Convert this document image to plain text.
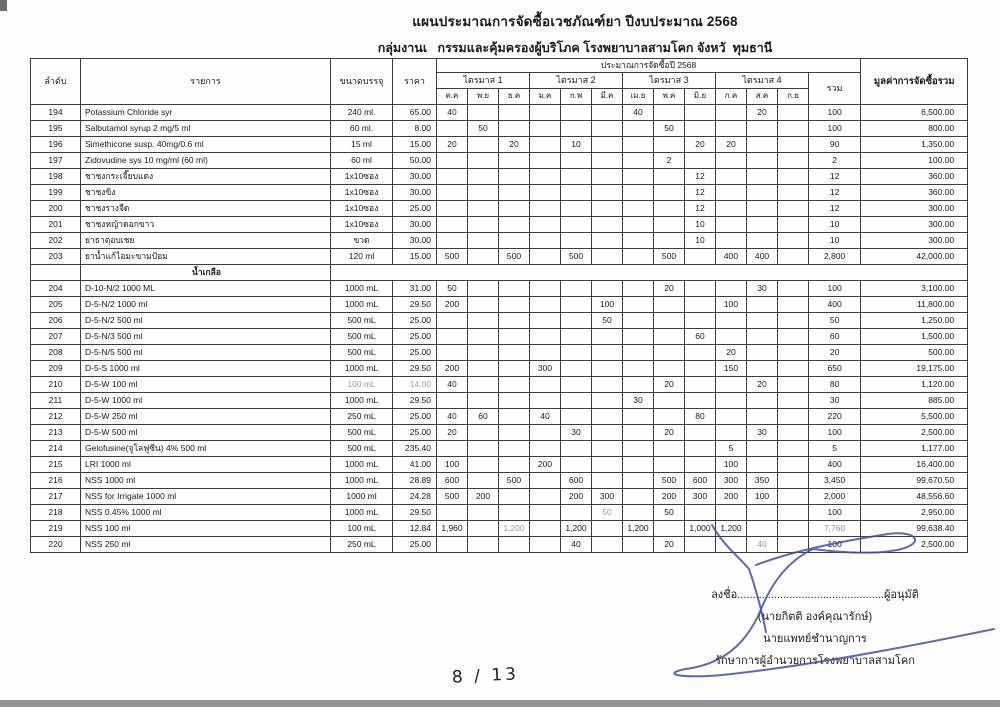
แผนประมาณการจัดซื้อเวชภัณฑ์ยา ปีงบประมาณ 2568
กลุ่มงานเ   กรรมและคุ้มครองผู้บริโภค โรงพยาบาลสามโคก จังหวั  ทุมธานี
ลำดับ	รายการ	ขนาดบรรจุ	ราคา	ประมาณการจัดซื้อปี 2568													มูลค่าการจัดซื้อรวม
				ไตรมาส 1			ไตรมาส 2			ไตรมาส 3			ไตรมาส 4			รวม	
				ต.ค	พ.ย	ธ.ค	ม.ค	ก.พ	มี.ค	เม.ย	พ.ค	มิ.ย	ก.ค	ส.ค	ก.ย		
194	Potassium Chloride syr	240 ml.	65.00	40						40				20		100	6,500.00
195	Salbutamol syrup 2 mg/5 ml	60 ml.	8.00		50						50					100	800.00
196	Simethicone susp. 40mg/0.6 ml	15 ml	15.00	20		20		10				20	20			90	1,350.00
197	Zidovudine sys 10 mg/ml (60 ml)	60 ml	50.00								2					2	100.00
198	ชาชงกระเจี๊ยบแดง	1x10ซอง	30.00									12				12	360.00
199	ชาชงขิง	1x10ซอง	30.00									12				12	360.00
200	ชาชงรางจืด	1x10ซอง	25.00									12				12	300.00
201	ชาชงหญ้าดอกขาว	1x10ซอง	30.00									10				10	300.00
202	ยาธาตุอบเชย	ขวด	30.00									10				10	300.00
203	ยาน้ำแก้ไอมะขามป้อม	120 ml	15.00	500		500		500			500		400	400		2,800	42,000.00
	น้ำเกลือ																
204	D-10-N/2 1000 ML	1000 mL	31.00	50							20			30		100	3,100.00
205	D-5-N/2 1000 ml	1000 mL	29.50	200					100				100			400	11,800.00
206	D-5-N/2 500 ml	500 mL	25.00						50							50	1,250.00
207	D-5-N/3 500 ml	500 mL	25.00									60				60	1,500.00
208	D-5-N/5 500 ml	500 mL	25.00										20			20	500.00
209	D-5-S 1000 ml	1000 mL	29.50	200			300						150			650	19,175.00
210	D-5-W 100 ml	100 mL	14.00	40							20			20		80	1,120.00
211	D-5-W 1000 ml	1000 mL	29.50							30						30	885.00
212	D-5-W 250 ml	250 mL	25.00	40	60		40					80				220	5,500.00
213	D-5-W 500 ml	500 mL	25.00	20				30			20			30		100	2,500.00
214	Gelofusine(จูโลฟูซีน) 4% 500 ml	500 mL	235.40										5			5	1,177.00
215	LRI 1000 ml	1000 mL	41.00	100			200						100			400	16,400.00
216	NSS 1000 ml	1000 mL	28.89	600		500		600			500	600	300	350		3,450	99,670.50
217	NSS for Irrigate 1000 ml	1000 ml	24.28	500	200			200	300		200	300	200	100		2,000	48,556.60
218	NSS 0.45% 1000 ml	1000 mL	29.50						50		50					100	2,950.00
219	NSS 100 ml	100 mL	12.84	1,960		1,200		1,200		1,200		1,000	1,200			7,760	99,638.40
220	NSS 250 ml	250 mL	25.00					40			20			40		100	2,500.00
ลงชื่อ................................................ผู้อนุมัติ
(นายกิตติ องค์คุณารักษ์)
นายแพทย์ชำนาญการ
รักษาการผู้อำนวยการโรงพยาบาลสามโคก
8 / 13
